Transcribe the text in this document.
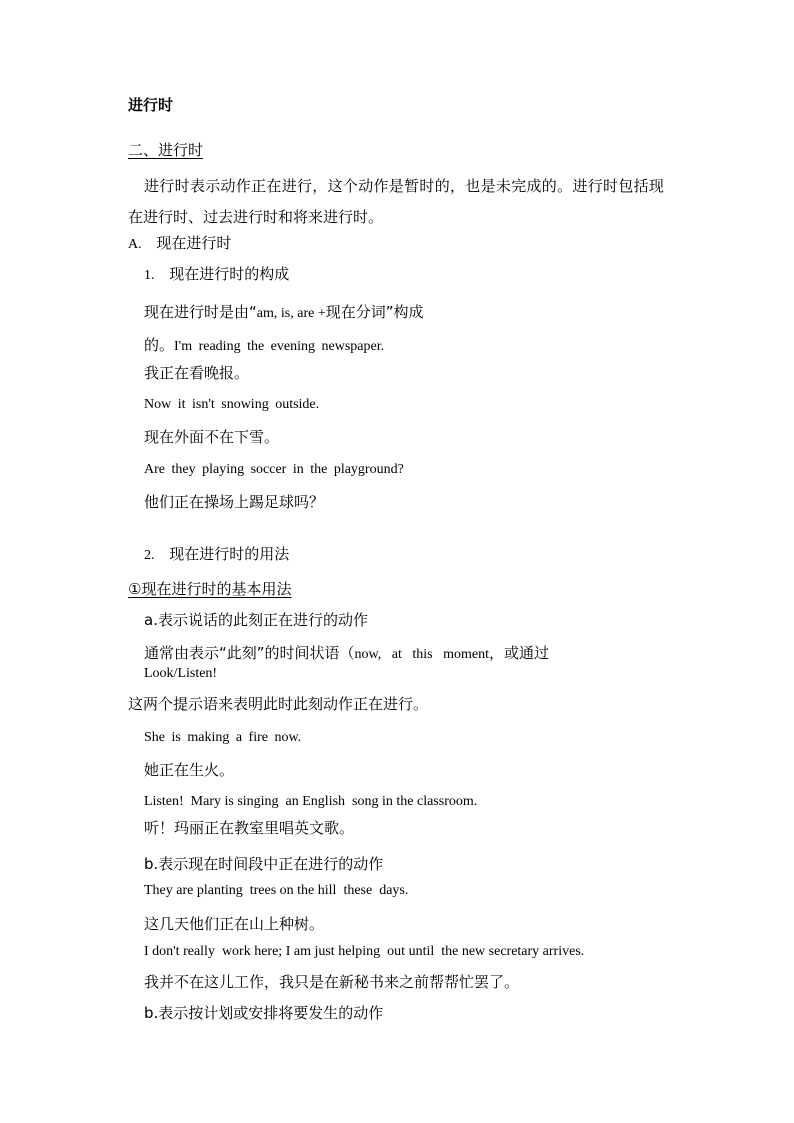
进行时
二、进行时
进行时表示动作正在进行，这个动作是暂时的，也是未完成的。进行时包括现
在进行时、过去进行时和将来进行时。
A. 现在进行时
1. 现在进行时的构成
现在进行时是由“am, is, are +现在分词”构成
的。I'm reading the evening newspaper.
我正在看晚报。
Now it isn't snowing outside.
现在外面不在下雪。
Are they playing soccer in the playground?
他们正在操场上踢足球吗？
2. 现在进行时的用法
①现在进行时的基本用法
a.表示说话的此刻正在进行的动作
通常由表示“此刻”的时间状语（now,   at   this   moment，或通过
Look/Listen!
这两个提示语来表明此时此刻动作正在进行。
She is making a fire now.
她正在生火。
Listen!  Mary is singing  an English  song in the classroom.
听！玛丽正在教室里唱英文歌。
b.表示现在时间段中正在进行的动作
They are planting  trees on the hill  these  days.
这几天他们正在山上种树。
I don't really  work here; I am just helping  out until  the new secretary arrives.
我并不在这儿工作，我只是在新秘书来之前帮帮忙罢了。
b.表示按计划或安排将要发生的动作
